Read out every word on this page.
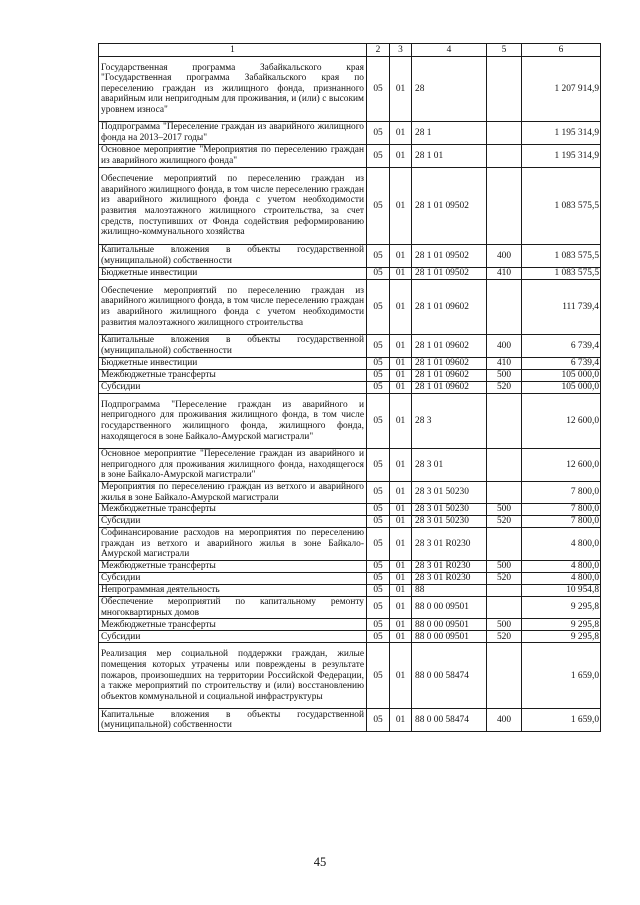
1	2	3	4	5	6
Государственная программа Забайкальского края "Государственная программа Забайкальского края по переселению граждан из жилищного фонда, признанного аварийным или непригодным для проживания, и (или) с высоким уровнем износа"	05	01	28		1 207 914,9
Подпрограмма "Переселение граждан из аварийного жилищного фонда на 2013–2017 годы"	05	01	28 1		1 195 314,9
Основное мероприятие "Мероприятия по переселению граждан из аварийного жилищного фонда"	05	01	28 1 01		1 195 314,9
Обеспечение мероприятий по переселению граждан из аварийного жилищного фонда, в том числе переселению граждан из аварийного жилищного фонда с учетом необходимости развития малоэтажного жилищного строительства, за счет средств, поступивших от Фонда содействия реформированию жилищно-коммунального хозяйства	05	01	28 1 01 09502		1 083 575,5
Капитальные вложения в объекты государственной (муниципальной) собственности	05	01	28 1 01 09502	400	1 083 575,5
Бюджетные инвестиции	05	01	28 1 01 09502	410	1 083 575,5
Обеспечение мероприятий по переселению граждан из аварийного жилищного фонда, в том числе переселению граждан из аварийного жилищного фонда с учетом необходимости развития малоэтажного жилищного строительства	05	01	28 1 01 09602		111 739,4
Капитальные вложения в объекты государственной (муниципальной) собственности	05	01	28 1 01 09602	400	6 739,4
Бюджетные инвестиции	05	01	28 1 01 09602	410	6 739,4
Межбюджетные трансферты	05	01	28 1 01 09602	500	105 000,0
Субсидии	05	01	28 1 01 09602	520	105 000,0
Подпрограмма "Переселение граждан из аварийного и непригодного для проживания жилищного фонда, в том числе государственного жилищного фонда, жилищного фонда, находящегося в зоне Байкало-Амурской магистрали"	05	01	28 3		12 600,0
Основное мероприятие "Переселение граждан из аварийного и непригодного для проживания жилищного фонда, находящегося в зоне Байкало-Амурской магистрали"	05	01	28 3 01		12 600,0
Мероприятия по переселению граждан из ветхого и аварийного жилья в зоне Байкало-Амурской магистрали	05	01	28 3 01 50230		7 800,0
Межбюджетные трансферты	05	01	28 3 01 50230	500	7 800,0
Субсидии	05	01	28 3 01 50230	520	7 800,0
Софинансирование расходов на мероприятия по переселению граждан из ветхого и аварийного жилья в зоне Байкало-Амурской магистрали	05	01	28 3 01 R0230		4 800,0
Межбюджетные трансферты	05	01	28 3 01 R0230	500	4 800,0
Субсидии	05	01	28 3 01 R0230	520	4 800,0
Непрограммная деятельность	05	01	88		10 954,8
Обеспечение мероприятий по капитальному ремонту многоквартирных домов	05	01	88 0 00 09501		9 295,8
Межбюджетные трансферты	05	01	88 0 00 09501	500	9 295,8
Субсидии	05	01	88 0 00 09501	520	9 295,8
Реализация мер социальной поддержки граждан, жилые помещения которых утрачены или повреждены в результате пожаров, произошедших на территории Российской Федерации, а также мероприятий по строительству и (или) восстановлению объектов коммунальной и социальной инфраструктуры	05	01	88 0 00 58474		1 659,0
Капитальные вложения в объекты государственной (муниципальной) собственности	05	01	88 0 00 58474	400	1 659,0
45
